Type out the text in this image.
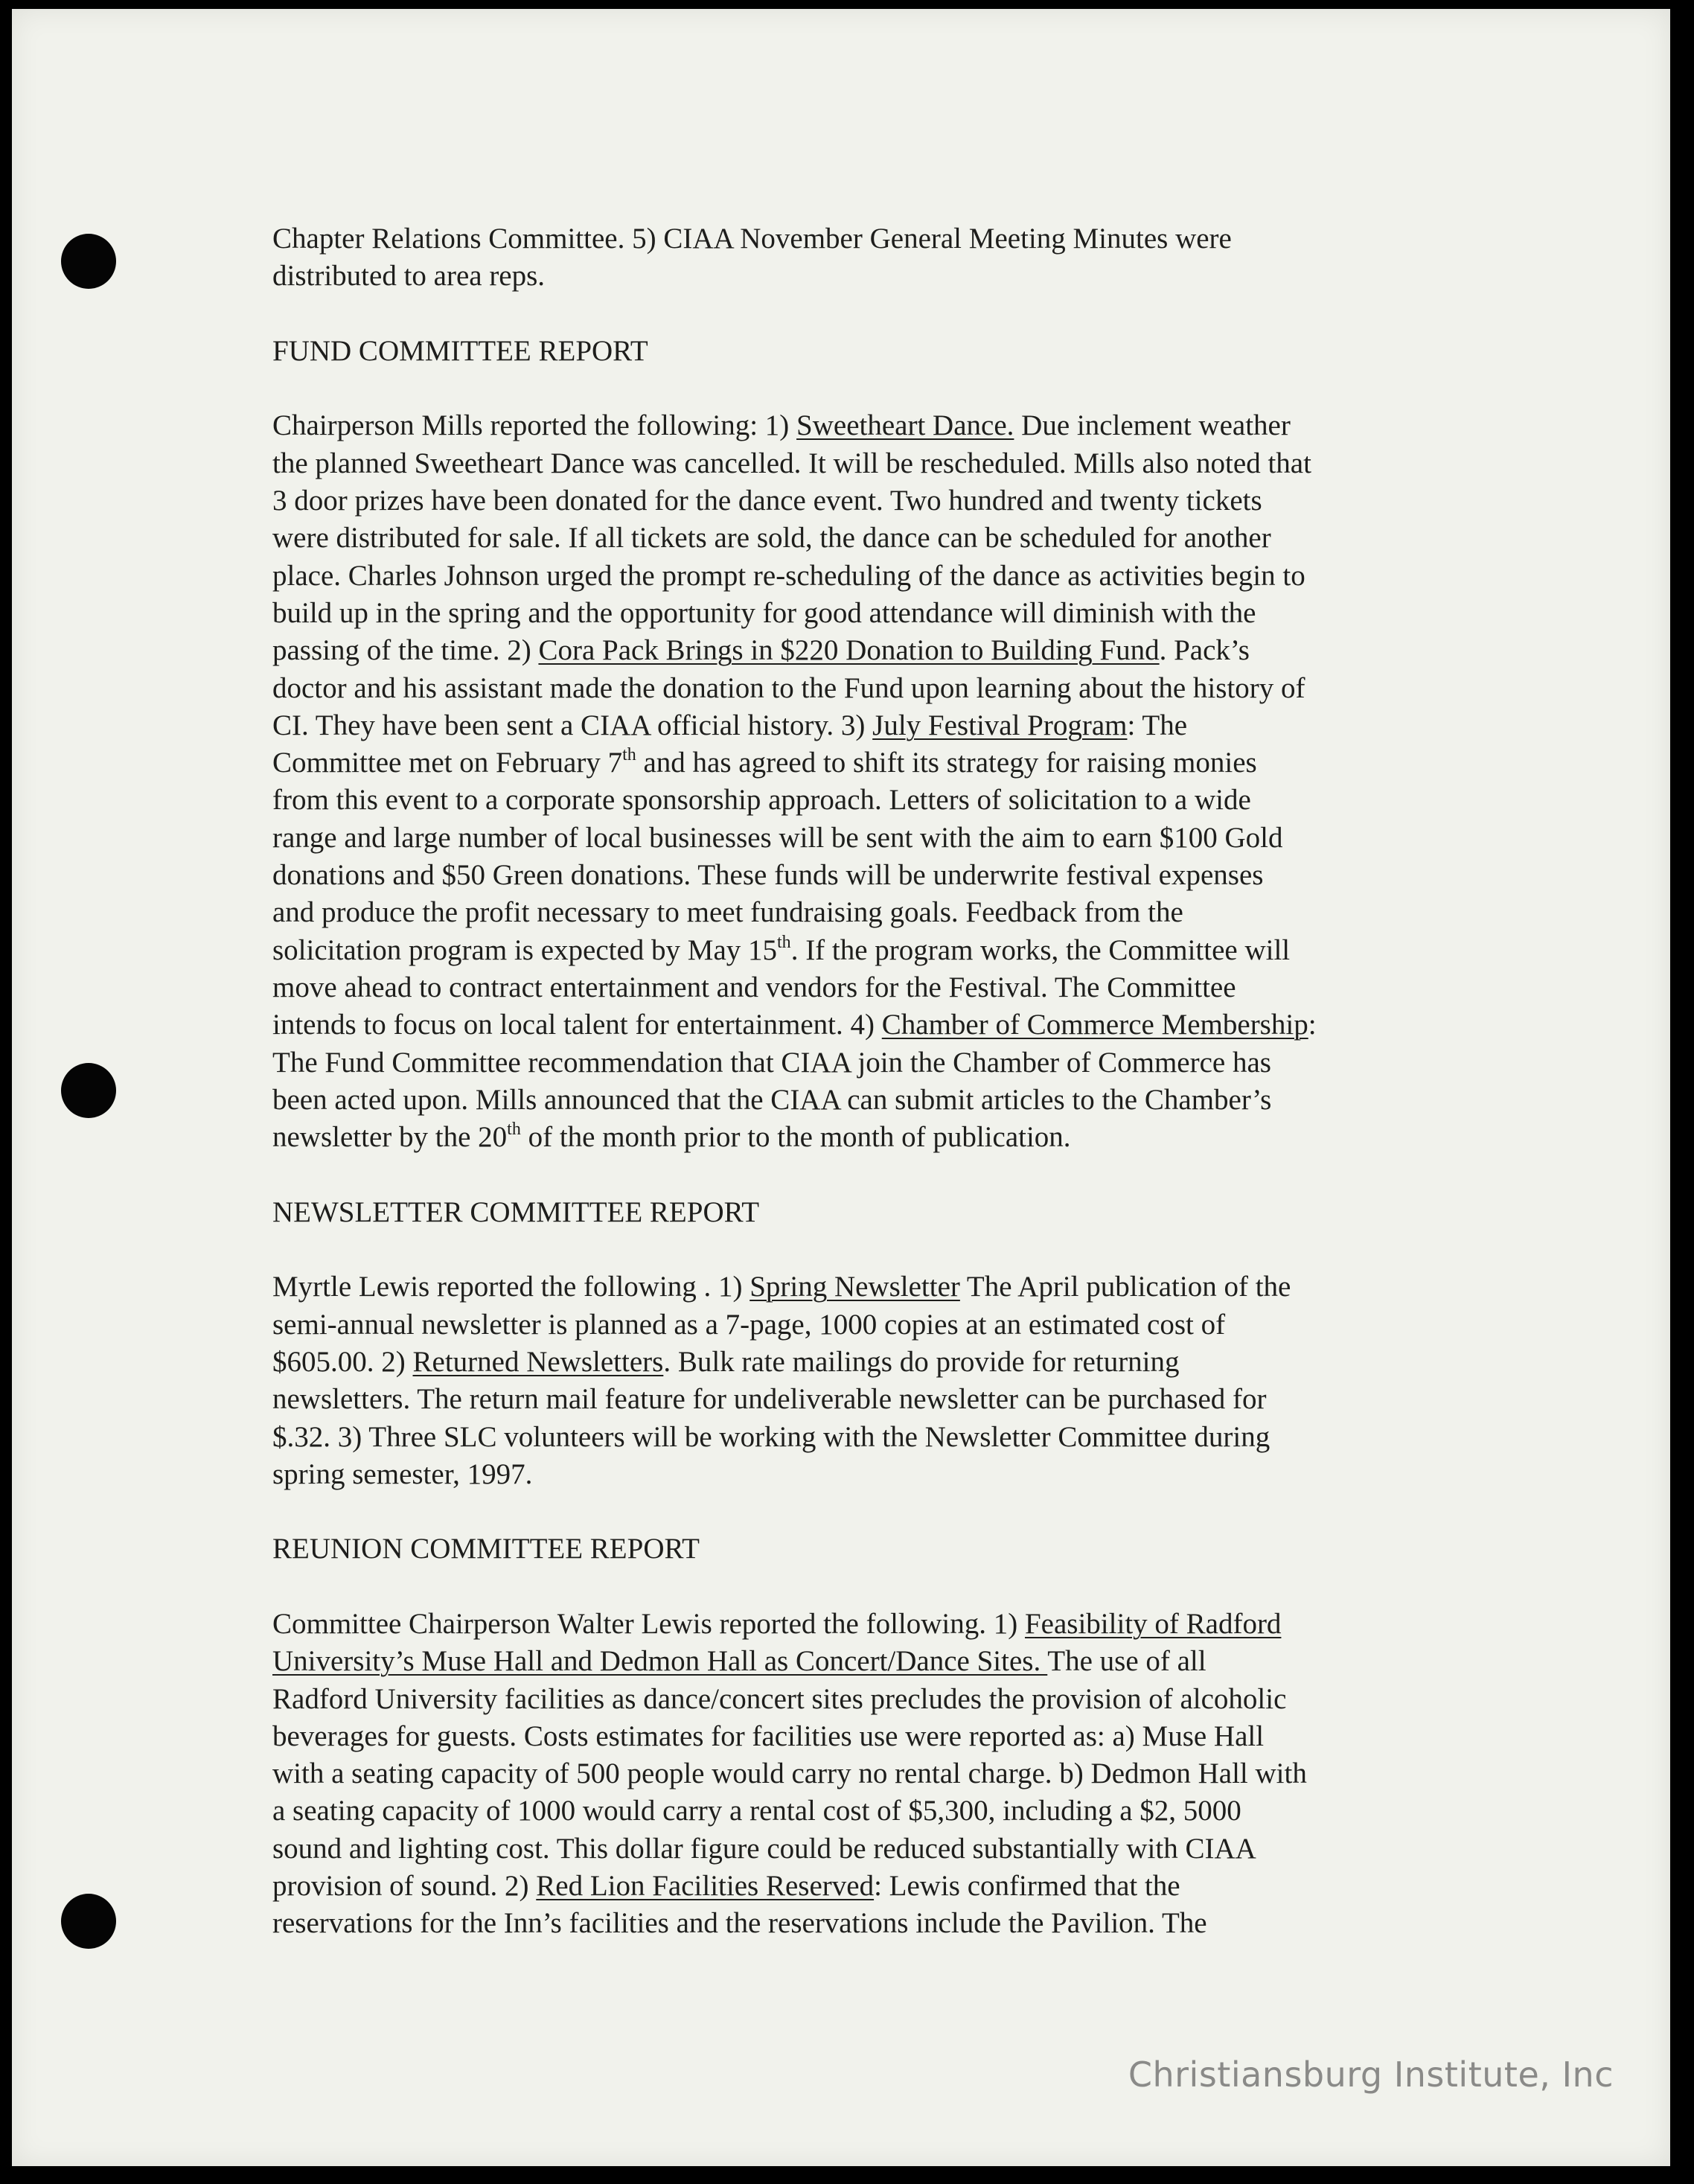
Chapter Relations Committee. 5) CIAA November General Meeting Minutes were

distributed to area reps.

FUND COMMITTEE REPORT

Chairperson Mills reported the following: 1) Sweetheart Dance. Due inclement weather

the planned Sweetheart Dance was cancelled. It will be rescheduled. Mills also noted that

3 door prizes have been donated for the dance event. Two hundred and twenty tickets

were distributed for sale. If all tickets are sold, the dance can be scheduled for another

place. Charles Johnson urged the prompt re-scheduling of the dance as activities begin to

build up in the spring and the opportunity for good attendance will diminish with the

passing of the time. 2) Cora Pack Brings in $220 Donation to Building Fund. Pack’s

doctor and his assistant made the donation to the Fund upon learning about the history of

CI. They have been sent a CIAA official history. 3) July Festival Program: The

Committee met on February 7th and has agreed to shift its strategy for raising monies

from this event to a corporate sponsorship approach. Letters of solicitation to a wide

range and large number of local businesses will be sent with the aim to earn $100 Gold

donations and $50 Green donations. These funds will be underwrite festival expenses

and produce the profit necessary to meet fundraising goals. Feedback from the

solicitation program is expected by May 15th. If the program works, the Committee will

move ahead to contract entertainment and vendors for the Festival. The Committee

intends to focus on local talent for entertainment. 4) Chamber of Commerce Membership:

The Fund Committee recommendation that CIAA join the Chamber of Commerce has

been acted upon. Mills announced that the CIAA can submit articles to the Chamber’s

newsletter by the 20th of the month prior to the month of publication.

NEWSLETTER COMMITTEE REPORT

Myrtle Lewis reported the following . 1) Spring Newsletter The April publication of the

semi-annual newsletter is planned as a 7-page, 1000 copies at an estimated cost of

$605.00. 2) Returned Newsletters. Bulk rate mailings do provide for returning

newsletters. The return mail feature for undeliverable newsletter can be purchased for

$.32. 3) Three SLC volunteers will be working with the Newsletter Committee during

spring semester, 1997.

REUNION COMMITTEE REPORT

Committee Chairperson Walter Lewis reported the following. 1) Feasibility of Radford

University’s Muse Hall and Dedmon Hall as Concert/Dance Sites. The use of all

Radford University facilities as dance/concert sites precludes the provision of alcoholic

beverages for guests. Costs estimates for facilities use were reported as: a) Muse Hall

with a seating capacity of 500 people would carry no rental charge. b) Dedmon Hall with

a seating capacity of 1000 would carry a rental cost of $5,300, including a $2, 5000

sound and lighting cost. This dollar figure could be reduced substantially with CIAA

provision of sound. 2) Red Lion Facilities Reserved: Lewis confirmed that the

reservations for the Inn’s facilities and the reservations include the Pavilion. The

Christiansburg Institute, Inc
